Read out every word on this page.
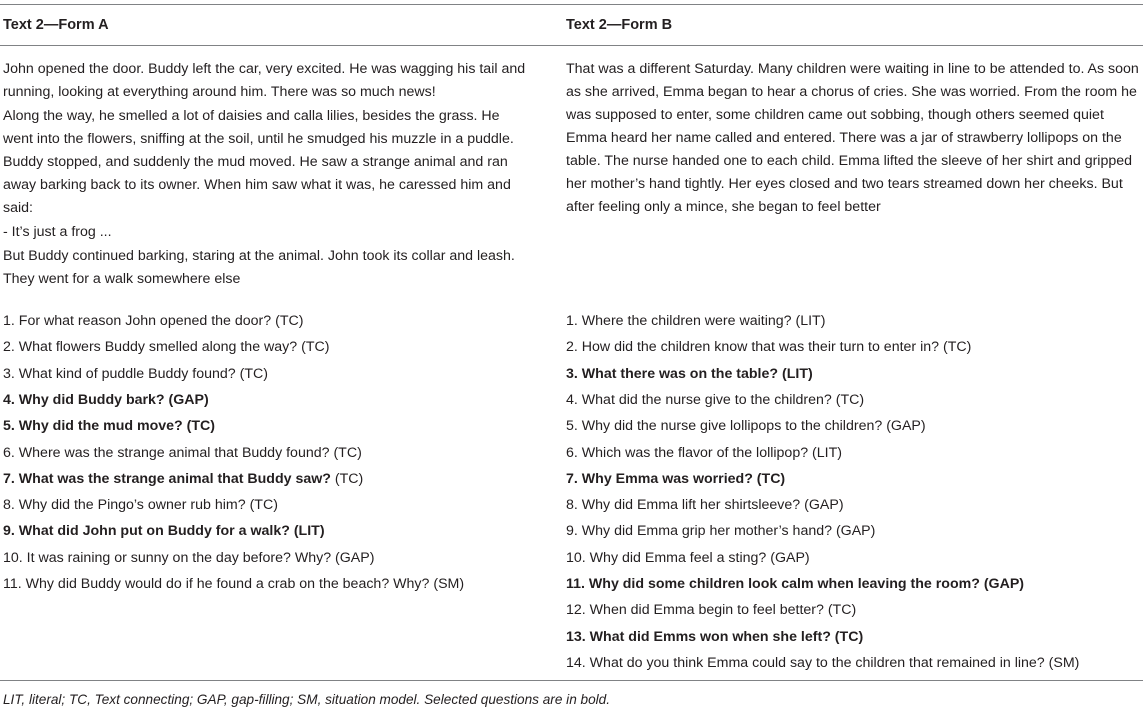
Text 2—Form A	Text 2—Form B

John opened the door. Buddy left the car, very excited. He was wagging his tail and running, looking at everything around him. There was so much news!

Along the way, he smelled a lot of daisies and calla lilies, besides the grass. He went into the flowers, sniffing at the soil, until he smudged his muzzle in a puddle. Buddy stopped, and suddenly the mud moved. He saw a strange animal and ran away barking back to its owner. When him saw what it was, he caressed him and said:

- It’s just a frog ...

But Buddy continued barking, staring at the animal. John took its collar and leash. They went for a walk somewhere else

That was a different Saturday. Many children were waiting in line to be attended to. As soon as she arrived, Emma began to hear a chorus of cries. She was worried. From the room he was supposed to enter, some children came out sobbing, though others seemed quiet

Emma heard her name called and entered. There was a jar of strawberry lollipops on the table. The nurse handed one to each child. Emma lifted the sleeve of her shirt and gripped her mother’s hand tightly. Her eyes closed and two tears streamed down her cheeks. But after feeling only a mince, she began to feel better

1. For what reason John opened the door? (TC)
2. What flowers Buddy smelled along the way? (TC)
3. What kind of puddle Buddy found? (TC)
4. Why did Buddy bark? (GAP)
5. Why did the mud move? (TC)
6. Where was the strange animal that Buddy found? (TC)
7. What was the strange animal that Buddy saw? (TC)
8. Why did the Pingo’s owner rub him? (TC)
9. What did John put on Buddy for a walk? (LIT)
10. It was raining or sunny on the day before? Why? (GAP)
11. Why did Buddy would do if he found a crab on the beach? Why? (SM)
1. Where the children were waiting? (LIT)
2. How did the children know that was their turn to enter in? (TC)
3. What there was on the table? (LIT)
4. What did the nurse give to the children? (TC)
5. Why did the nurse give lollipops to the children? (GAP)
6. Which was the flavor of the lollipop? (LIT)
7. Why Emma was worried? (TC)
8. Why did Emma lift her shirtsleeve? (GAP)
9. Why did Emma grip her mother’s hand? (GAP)
10. Why did Emma feel a sting? (GAP)
11. Why did some children look calm when leaving the room? (GAP)
12. When did Emma begin to feel better? (TC)
13. What did Emms won when she left? (TC)
14. What do you think Emma could say to the children that remained in line? (SM)
LIT, literal; TC, Text connecting; GAP, gap-filling; SM, situation model. Selected questions are in bold.
